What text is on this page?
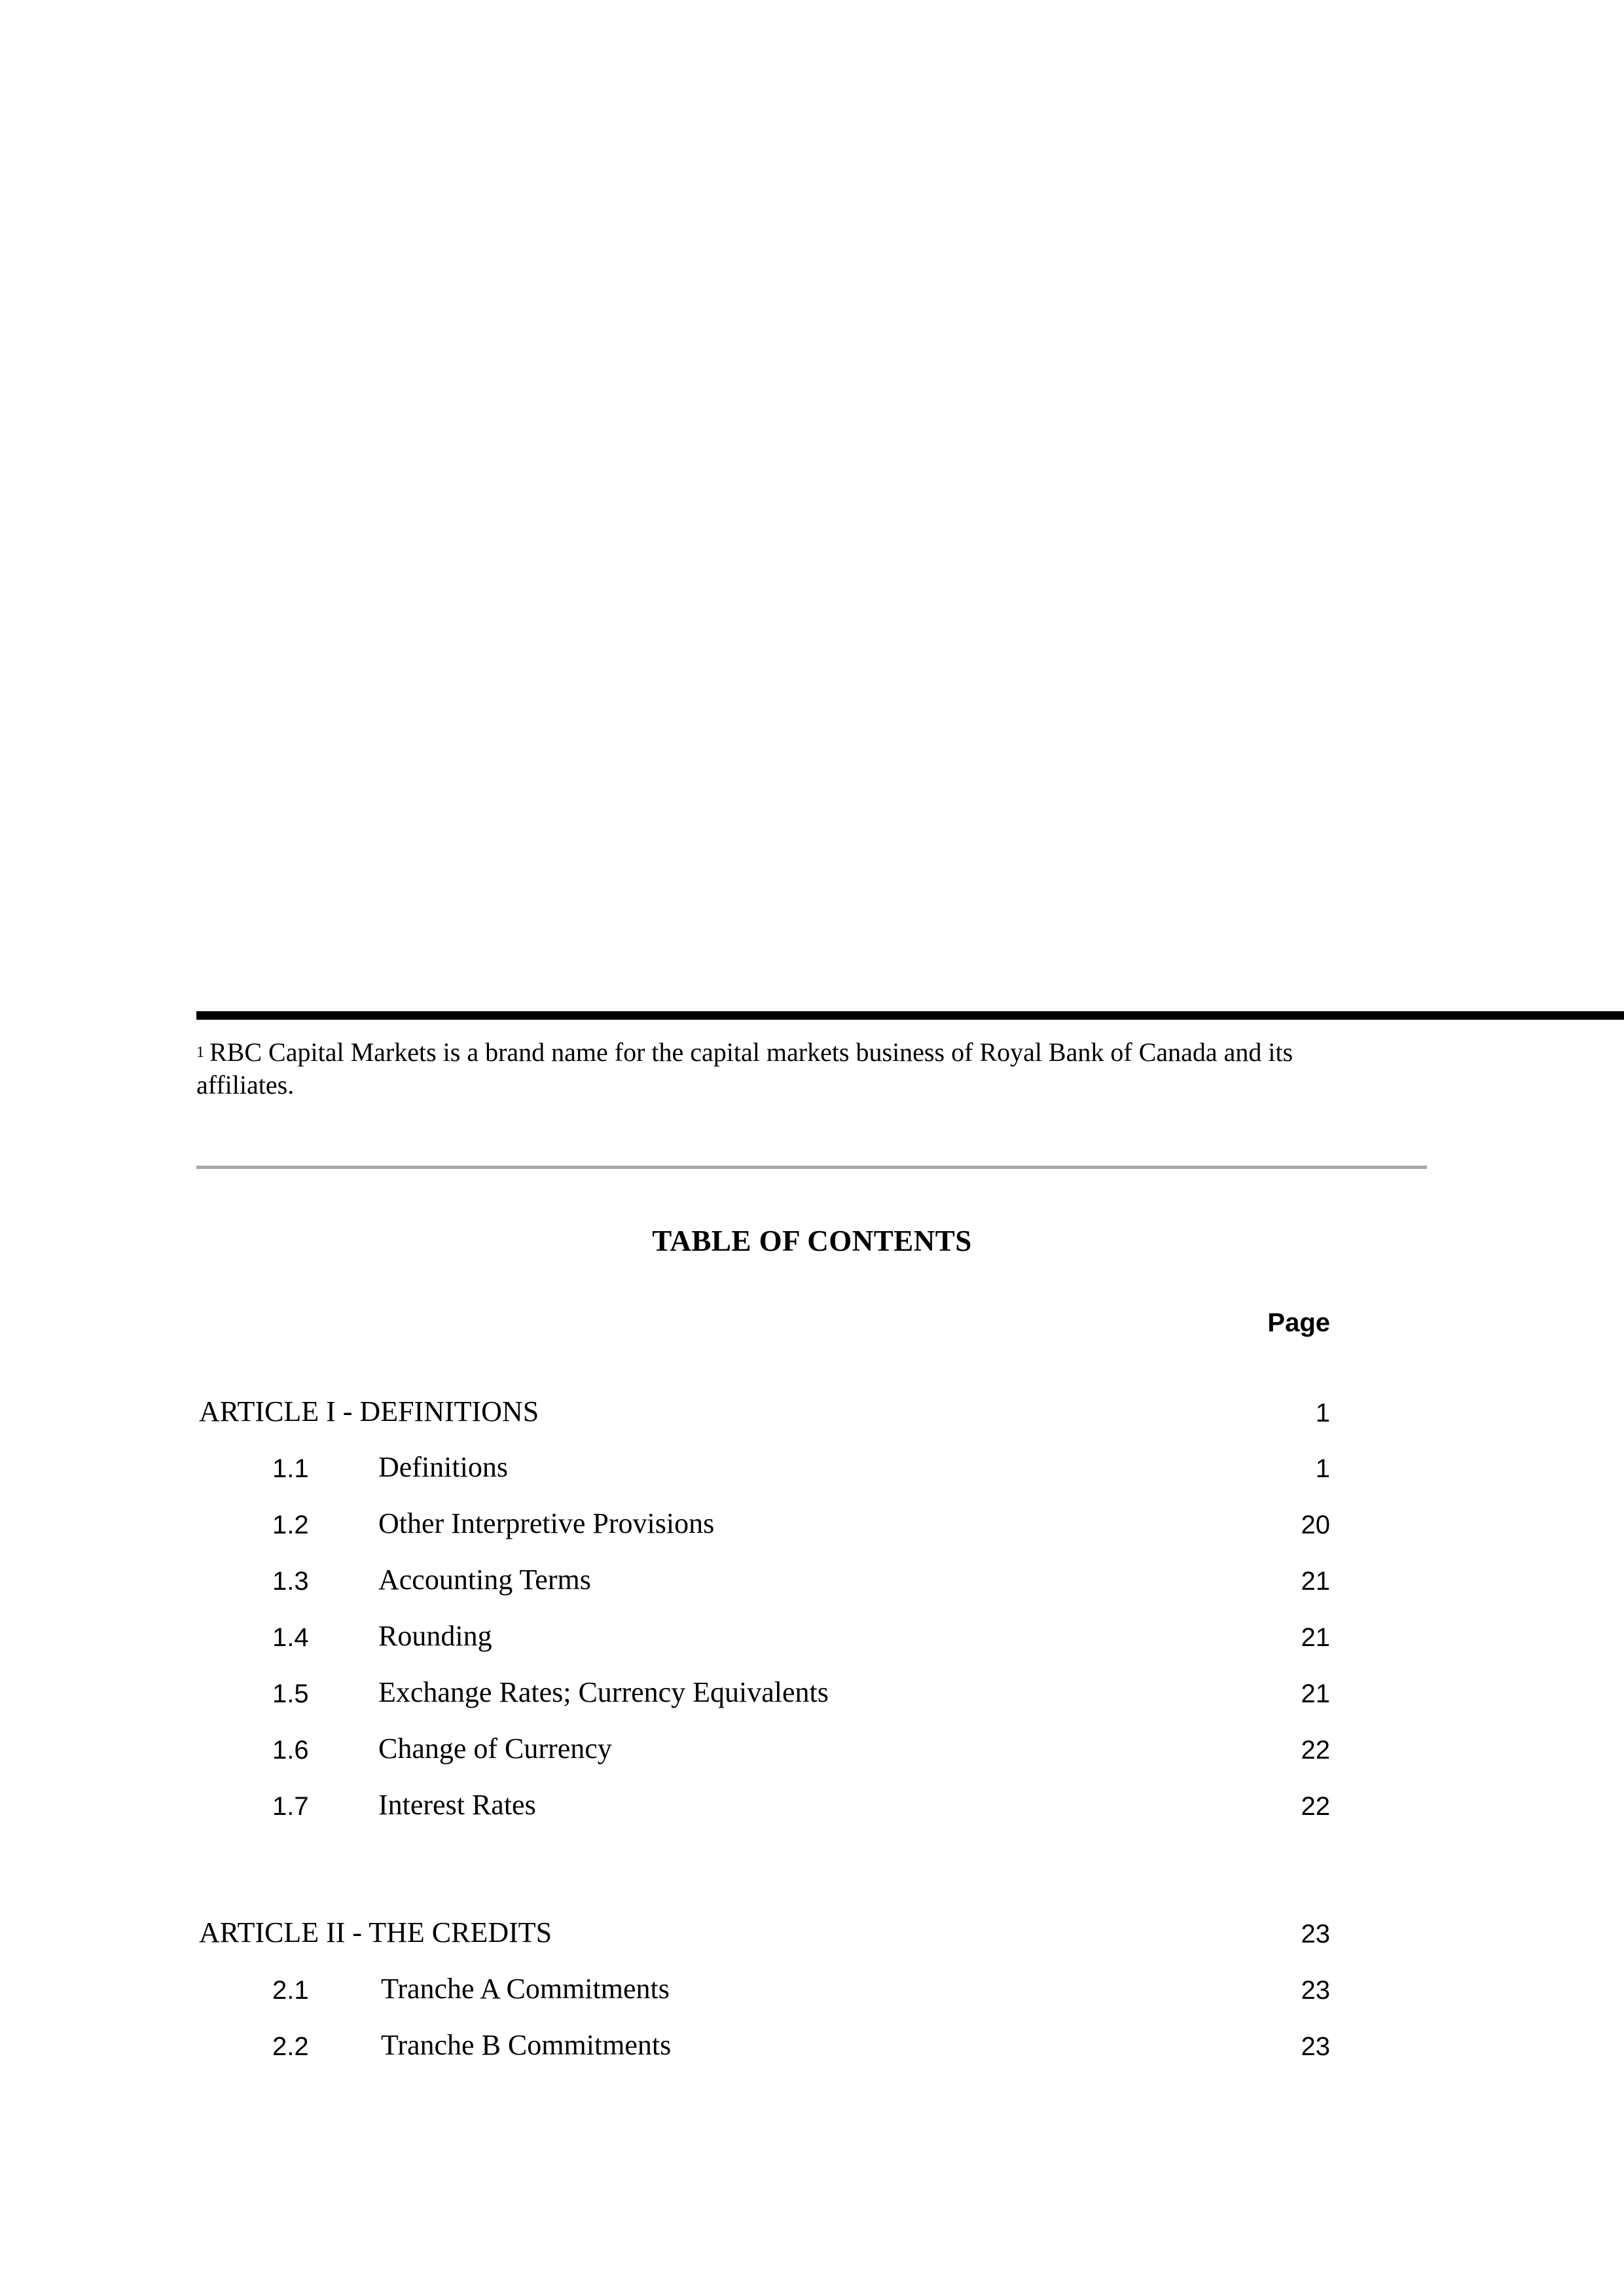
1 RBC Capital Markets is a brand name for the capital markets business of Royal Bank of Canada and its affiliates.
TABLE OF CONTENTS
Page
ARTICLE I - DEFINITIONS	1
1.1 Definitions	1
1.2 Other Interpretive Provisions	20
1.3 Accounting Terms	21
1.4 Rounding	21
1.5 Exchange Rates; Currency Equivalents	21
1.6 Change of Currency	22
1.7 Interest Rates	22
ARTICLE II - THE CREDITS	23
2.1	Tranche A Commitments	23
2.2	Tranche B Commitments	23
